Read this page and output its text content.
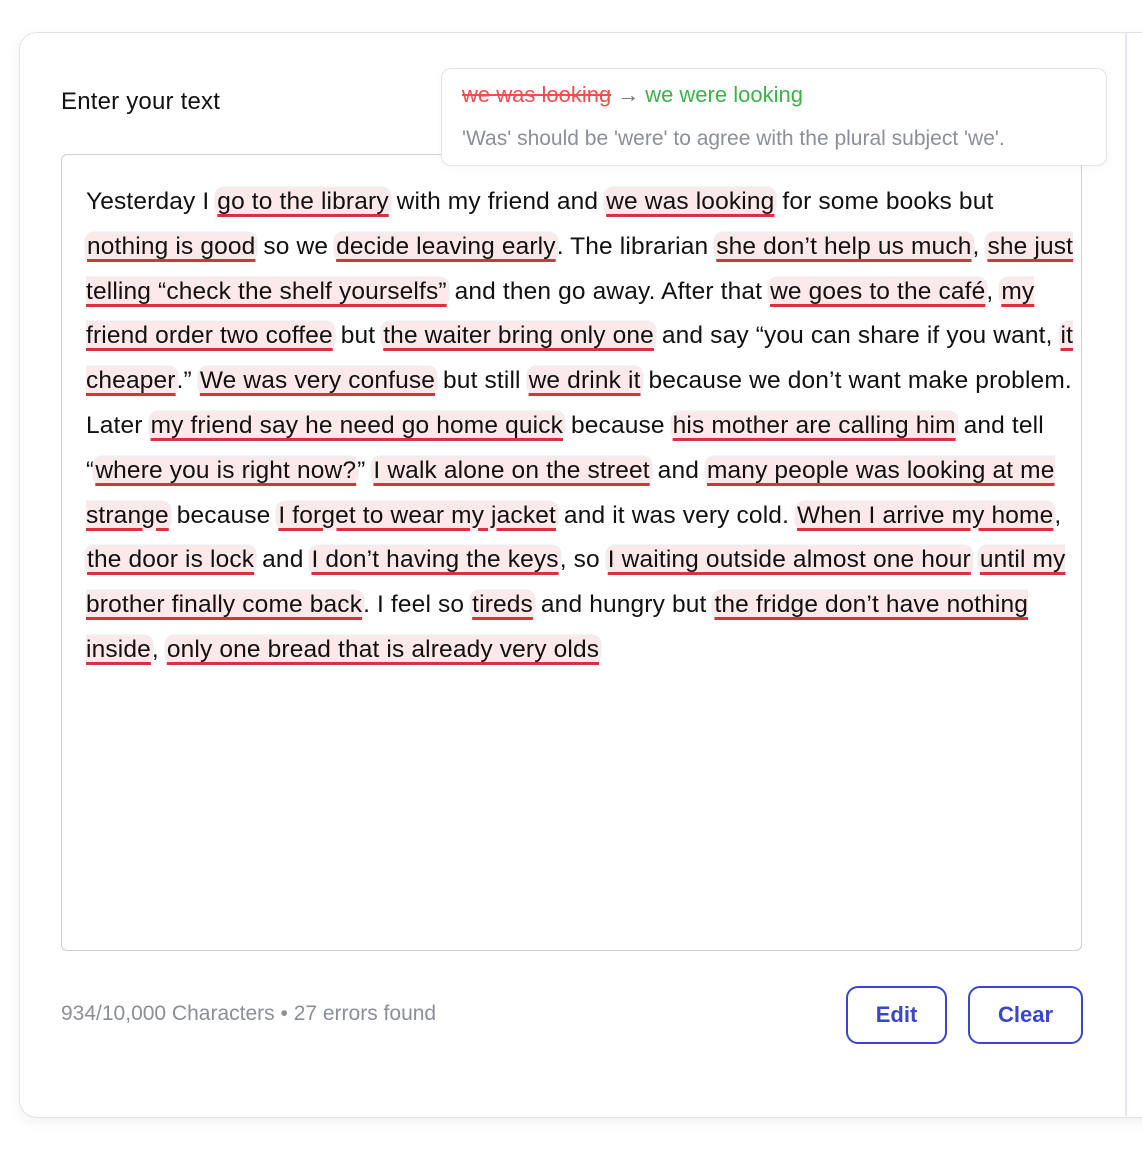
Enter your text
Yesterday I go to the library with my friend and we was looking for some books but nothing is good so we decide leaving early. The librarian she don’t help us much, she just telling “check the shelf yourselfs” and then go away. After that we goes to the café, my friend order two coffee but the waiter bring only one and say “you can share if you want, it cheaper.” We was very confuse but still we drink it because we don’t want make problem. Later my friend say he need go home quick because his mother are calling him and tell “where you is right now?” I walk alone on the street and many people was looking at me strange because I forget to wear my jacket and it was very cold. When I arrive my home, the door is lock and I don’t having the keys, so I waiting outside almost one hour until my brother finally come back. I feel so tireds and hungry but the fridge don’t have nothing inside, only one bread that is already very olds
we was looking → we were looking
'Was' should be 'were' to agree with the plural subject 'we'.
934/10,000 Characters • 27 errors found	Edit	Clear
